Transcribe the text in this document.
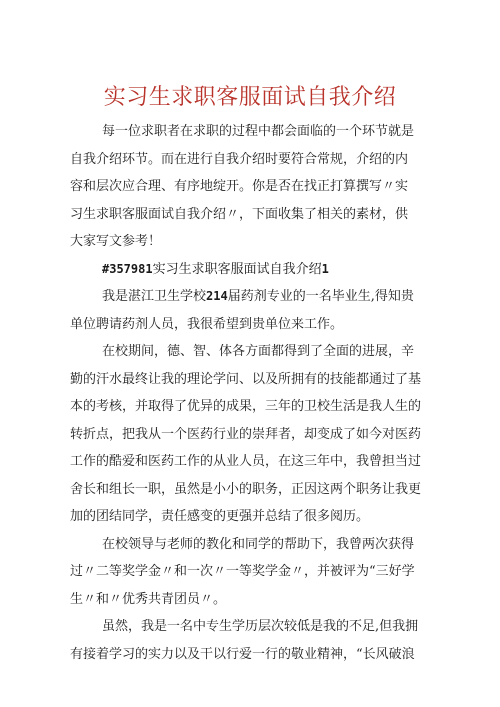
实习生求职客服面试自我介绍
每一位求职者在求职的过程中都会面临的一个环节就是
自我介绍环节。而在进行自我介绍时要符合常规，介绍的内
容和层次应合理、有序地绽开。你是否在找正打算撰写〃实
习生求职客服面试自我介绍〃，下面收集了相关的素材，供
大家写文参考！
#357981实习生求职客服面试自我介绍1
我是湛江卫生学校214届药剂专业的一名毕业生,得知贵
单位聘请药剂人员，我很希望到贵单位来工作。
在校期间，德、智、体各方面都得到了全面的进展，辛
勤的汗水最终让我的理论学问、以及所拥有的技能都通过了基
本的考核，并取得了优异的成果，三年的卫校生活是我人生的
转折点，把我从一个医药行业的崇拜者，却变成了如今对医药
工作的酷爱和医药工作的从业人员，在这三年中，我曾担当过
舍长和组长一职，虽然是小小的职务，正因这两个职务让我更
加的团结同学，责任感变的更强并总结了很多阅历。
在校领导与老师的教化和同学的帮助下，我曾两次获得
过〃二等奖学金〃和一次〃一等奖学金〃，并被评为“三好学
生〃和〃优秀共青团员〃。
虽然，我是一名中专生学历层次较低是我的不足,但我拥
有接着学习的实力以及干以行爱一行的敬业精神，“长风破浪
